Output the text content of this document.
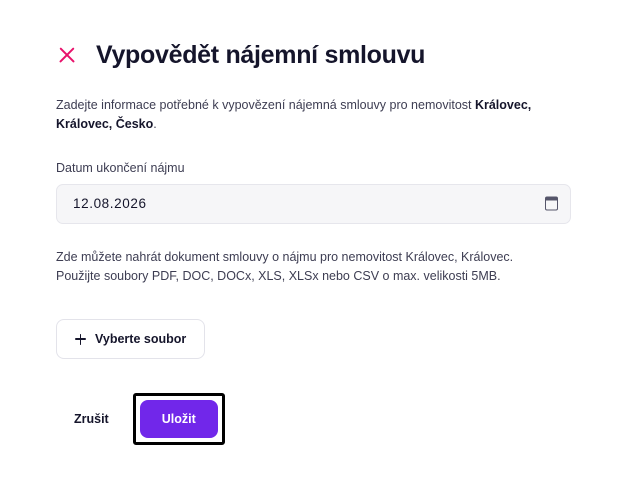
Vypovědět nájemní smlouvu

Zadejte informace potřebné k vypovězení nájemná smlouvy pro nemovitost Královec, Královec, Česko.

Datum ukončení nájmu
12.08.2026

Zde můžete nahrát dokument smlouvy o nájmu pro nemovitost Královec, Královec. Použijte soubory PDF, DOC, DOCx, XLS, XLSx nebo CSV o max. velikosti 5MB.

Vyberte soubor
Zrušit	Uložit
